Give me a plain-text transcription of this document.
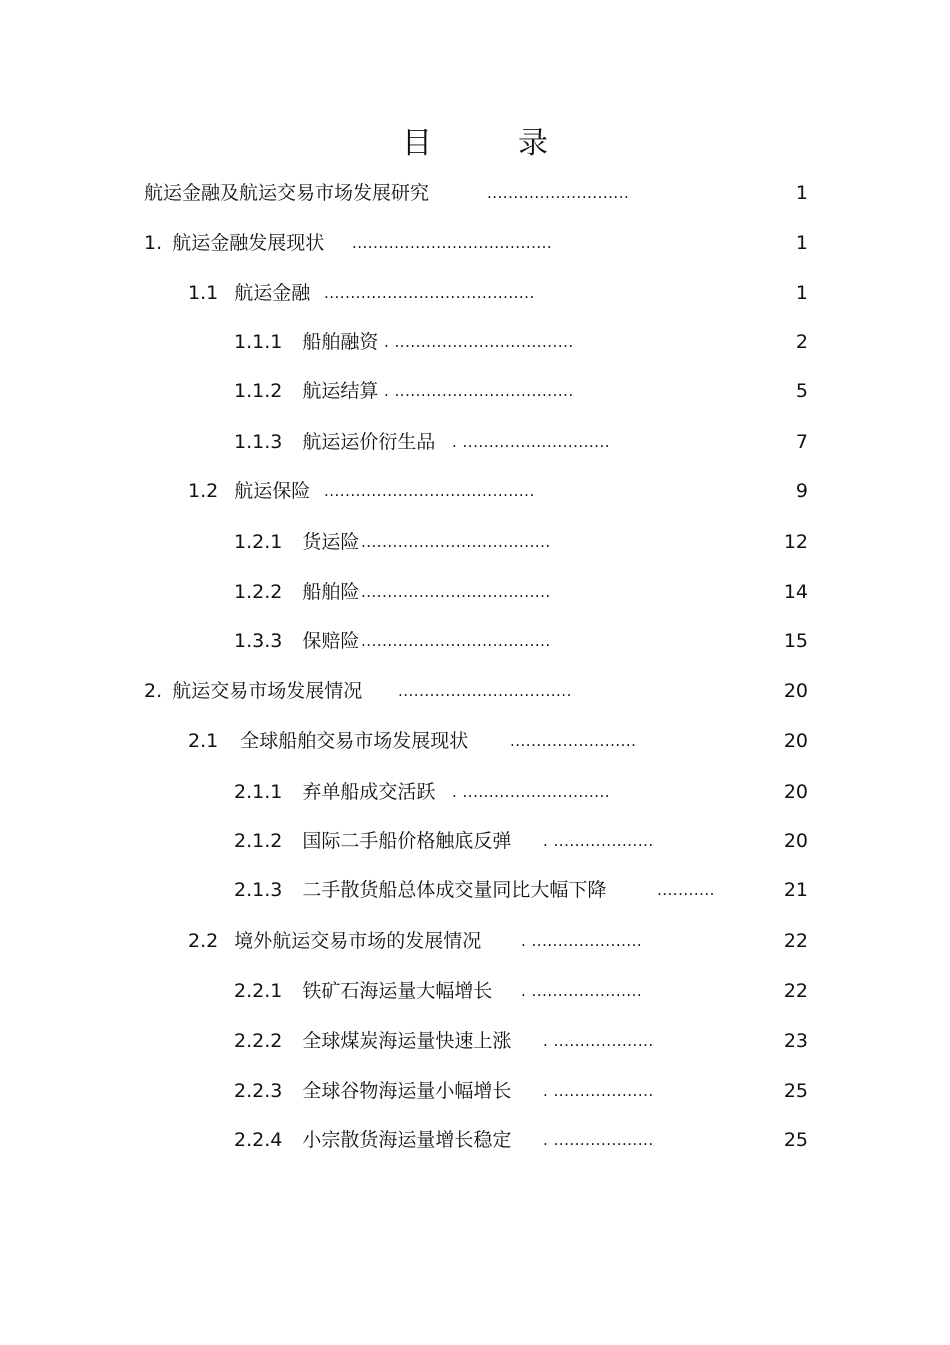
目　录
航运金融及航运交易市场发展研究	...........................	1
1. 航运金融发展现状 ......................................	1
1.1 航运金融 ........................................	1
1.1.1 船舶融资 . ..................................	2
1.1.2 航运结算 . ..................................	5
1.1.3 航运运价衍生品 . ............................	7
1.2 航运保险 ........................................	9
1.2.1 货运险 ....................................	12
1.2.2 船舶险 ....................................	14
1.3.3 保赔险 ....................................	15
2. 航运交易市场发展情况 .................................	20
2.1 全球船舶交易市场发展现状	........................	20
2.1.1 弃单船成交活跃 . ............................	20
2.1.2 国际二手船价格触底反弹 . ...................	20
2.1.3 二手散货船总体成交量同比大幅下降	...........	21
2.2 境外航运交易市场的发展情况	. .....................	22
2.2.1 铁矿石海运量大幅增长 . .....................	22
2.2.2 全球煤炭海运量快速上涨 . ...................	23
2.2.3 全球谷物海运量小幅增长 . ...................	25
2.2.4 小宗散货海运量增长稳定 . ...................	25
